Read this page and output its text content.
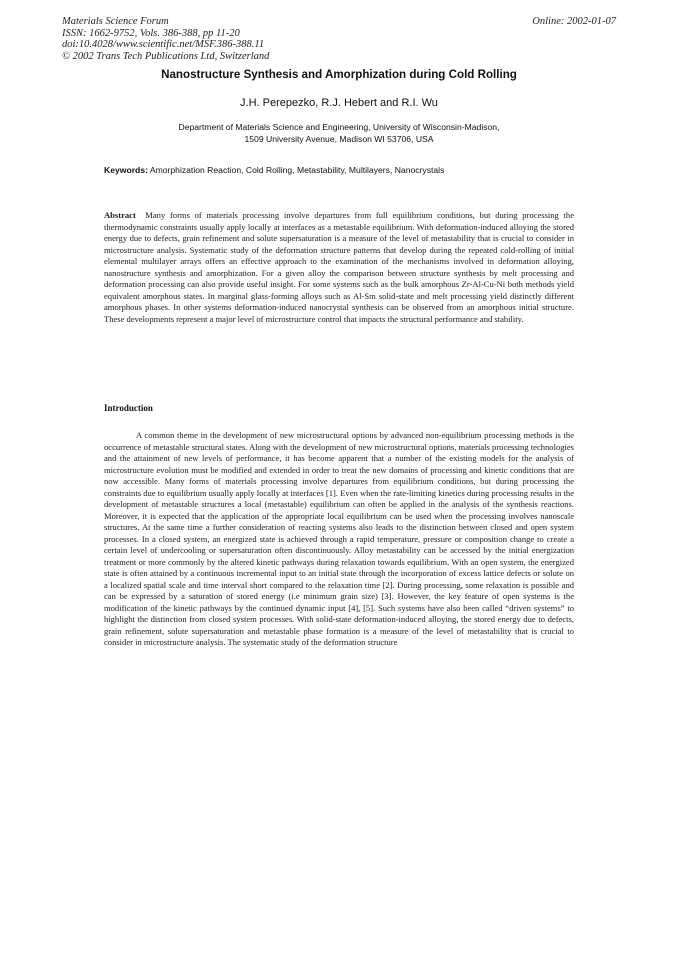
Materials Science Forum
ISSN: 1662-9752, Vols. 386-388, pp 11-20
doi:10.4028/www.scientific.net/MSF.386-388.11
© 2002 Trans Tech Publications Ltd, Switzerland
Online: 2002-01-07
Nanostructure Synthesis and Amorphization during Cold Rolling
J.H. Perepezko, R.J. Hebert and R.I. Wu
Department of Materials Science and Engineering, University of Wisconsin-Madison,
1509 University Avenue, Madison WI 53706, USA
Keywords: Amorphization Reaction, Cold Rolling, Metastability, Multilayers, Nanocrystals
Abstract Many forms of materials processing involve departures from full equilibrium conditions, but during processing the thermodynamic constraints usually apply locally at interfaces as a metastable equilibrium. With deformation-induced alloying the stored energy due to defects, grain refinement and solute supersaturation is a measure of the level of metastability that is crucial to consider in microstructure analysis. Systematic study of the deformation structure patterns that develop during the repeated cold-rolling of initial elemental multilayer arrays offers an effective approach to the examination of the mechanisms involved in deformation alloying, nanostructure synthesis and amorphization. For a given alloy the comparison between structure synthesis by melt processing and deformation processing can also provide useful insight. For some systems such as the bulk amorphous Zr-Al-Cu-Ni both methods yield equivalent amorphous states. In marginal glass-forming alloys such as Al-Sm solid-state and melt processing yield distinctly different amorphous phases. In other systems deformation-induced nanocrystal synthesis can be observed from an amorphous initial structure. These developments represent a major level of microstructure control that impacts the structural performance and stability.
Introduction
A common theme in the development of new microstructural options by advanced non-equilibrium processing methods is the occurrence of metastable structural states. Along with the development of new microstructural options, materials processing technologies and the attainment of new levels of performance, it has become apparent that a number of the existing models for the analysis of microstructure evolution must be modified and extended in order to treat the new domains of processing and kinetic conditions that are now accessible. Many forms of materials processing involve departures from equilibrium conditions, but during processing the constraints due to equilibrium usually apply locally at interfaces [1]. Even when the rate-limiting kinetics during processing results in the development of metastable structures a local (metastable) equilibrium can often be applied in the analysis of the synthesis reactions. Moreover, it is expected that the application of the appropriate local equilibrium can be used when the processing involves nanoscale structures. At the same time a further consideration of reacting systems also leads to the distinction between closed and open system processes. In a closed system, an energized state is achieved through a rapid temperature, pressure or composition change to create a certain level of undercooling or supersaturation often discontinuously. Alloy metastability can be accessed by the initial energization treatment or more commonly by the altered kinetic pathways during relaxation towards equilibrium. With an open system, the energized state is often attained by a continuous incremental input to an initial state through the incorporation of excess lattice defects or solute on a localized spatial scale and time interval short compared to the relaxation time [2]. During processing, some relaxation is possible and can be expressed by a saturation of stored energy (i.e minimum grain size) [3]. However, the key feature of open systems is the modification of the kinetic pathways by the continued dynamic input [4], [5]. Such systems have also been called “driven systems” to highlight the distinction from closed system processes. With solid-state deformation-induced alloying, the stored energy due to defects, grain refinement, solute supersaturation and metastable phase formation is a measure of the level of metastability that is crucial to consider in microstructure analysis. The systematic study of the deformation structure
